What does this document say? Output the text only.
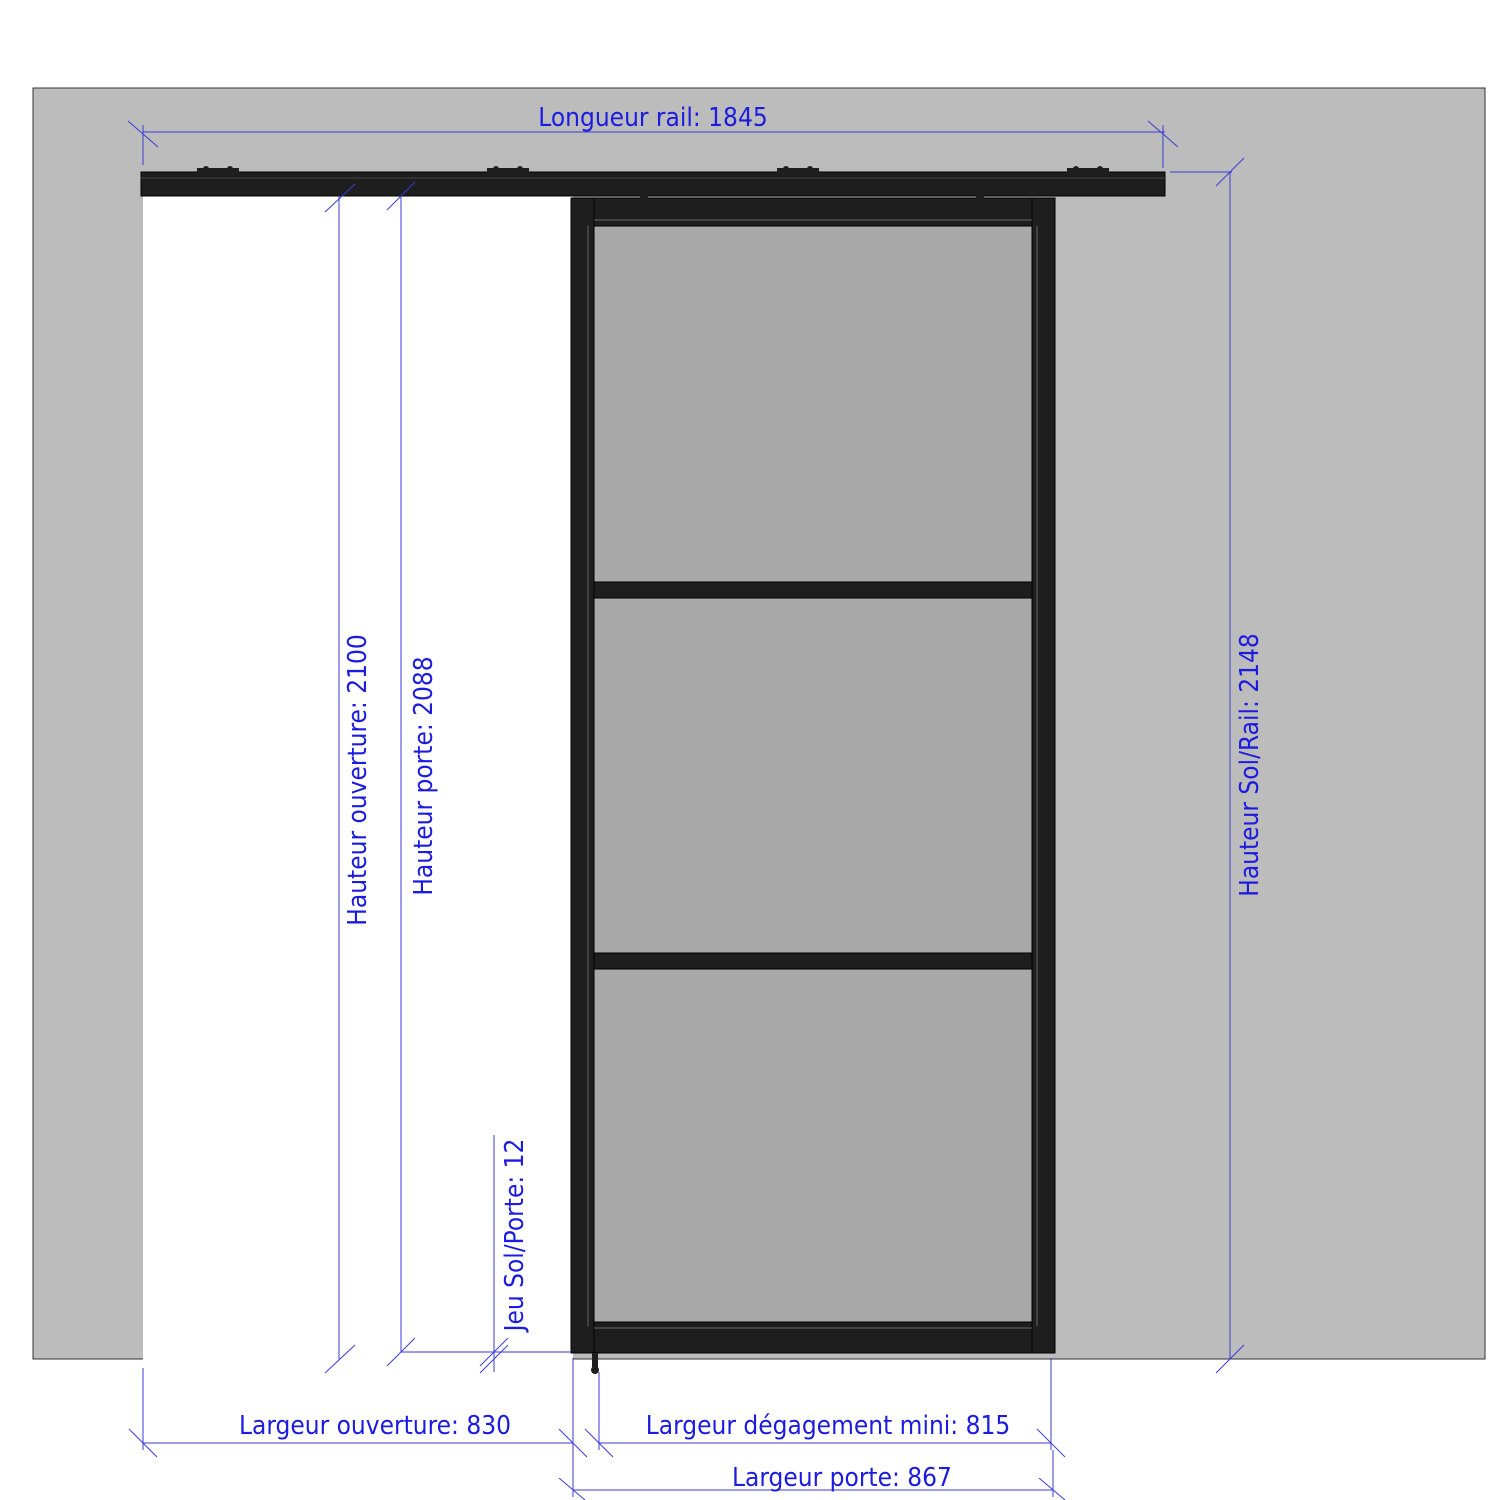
Longueur rail: 1845
Hauteur ouverture: 2100 Hauteur porte: 2088
Jeu Sol/Porte: 12
Hauteur Sol/Rail: 2148
Largeur ouverture: 830	Largeur dégagement mini: 815
Largeur porte: 867
